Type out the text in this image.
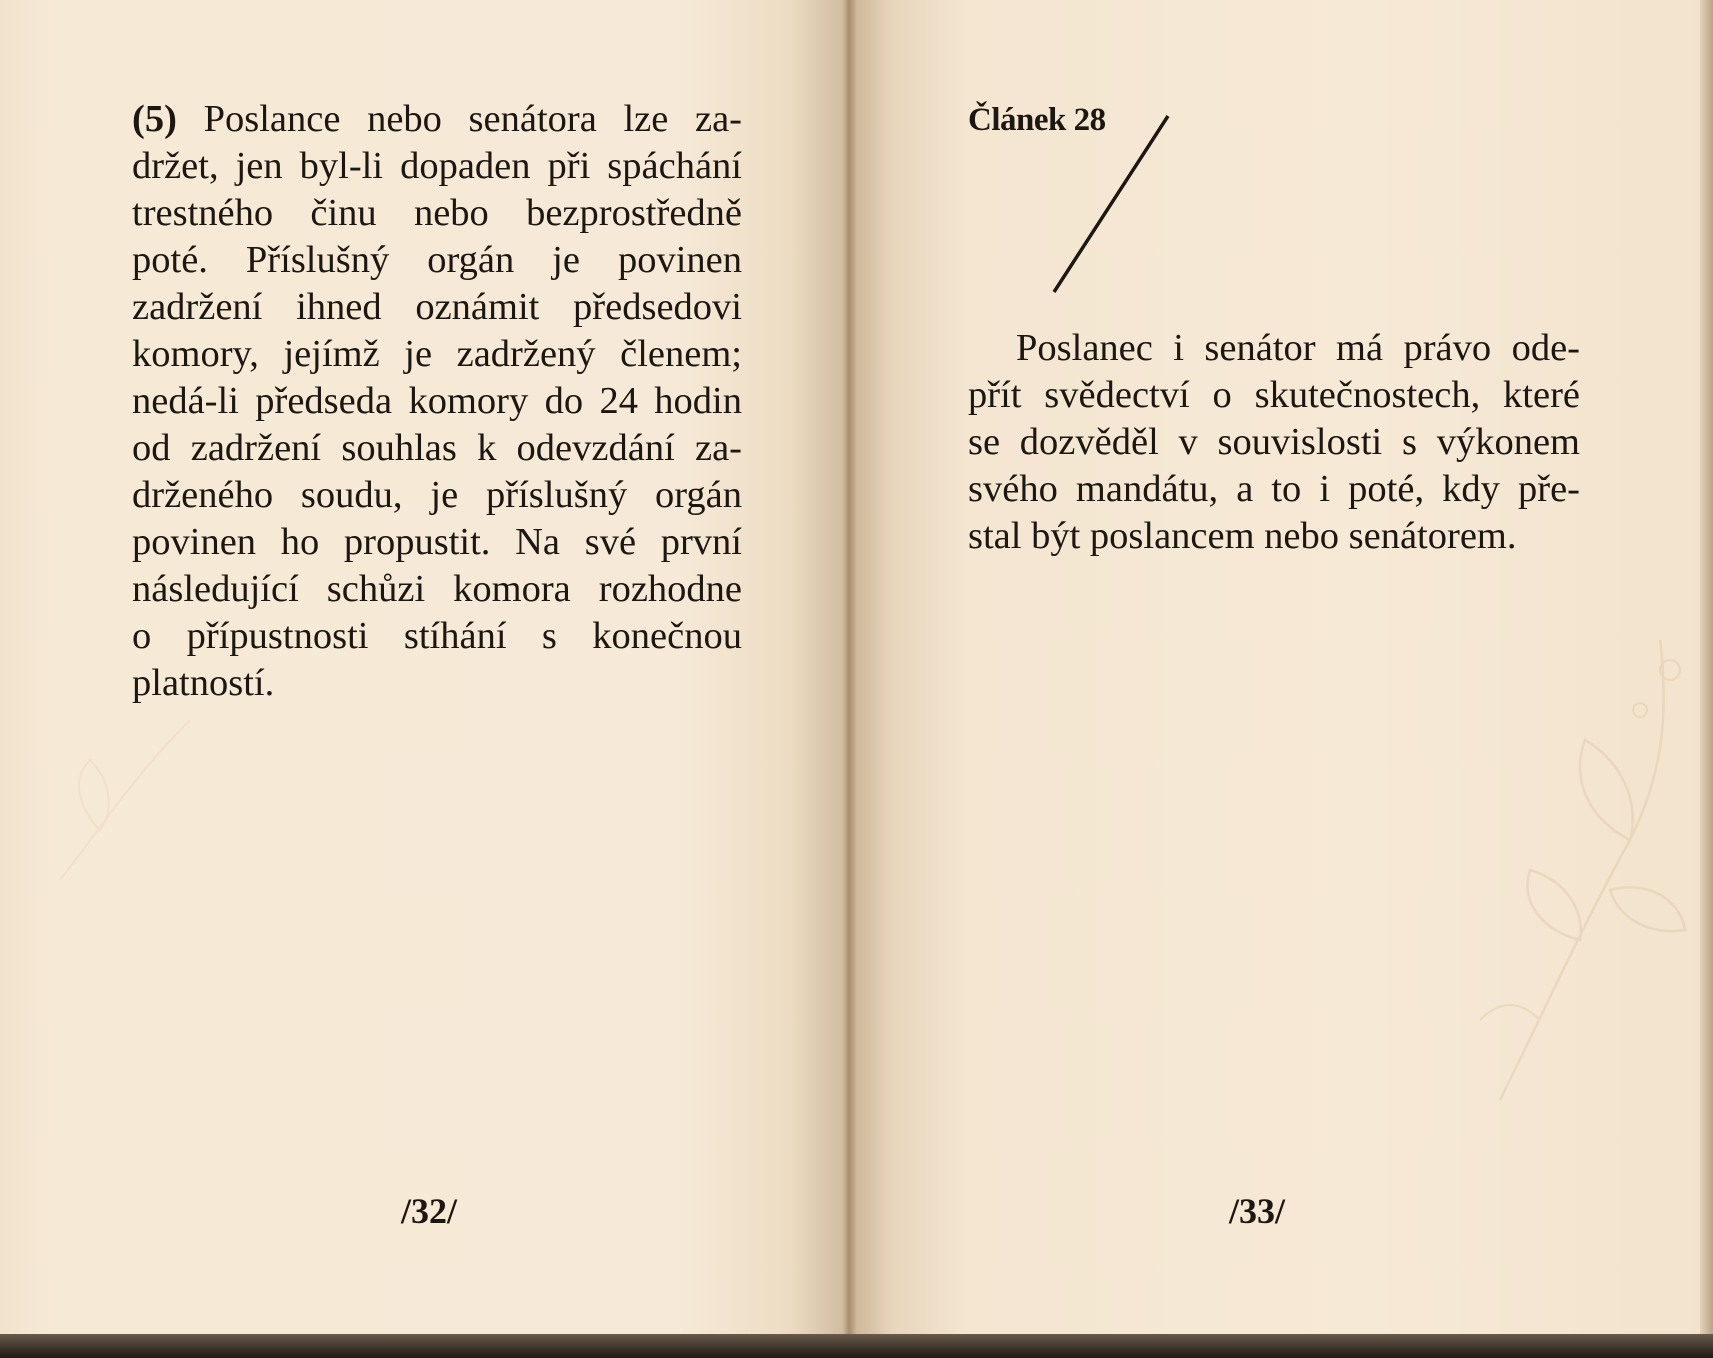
(5) Poslance nebo senátora lze za-
držet, jen byl-li dopaden při spáchání
trestného činu nebo bezprostředně
poté. Příslušný orgán je povinen
zadržení ihned oznámit předsedovi
komory, jejímž je zadržený členem;
nedá-li předseda komory do 24 hodin
od zadržení souhlas k odevzdání za-
drženého soudu, je příslušný orgán
povinen ho propustit. Na své první
následující schůzi komora rozhodne
o přípustnosti stíhání s konečnou
platností.
/32/
Článek 28
Poslanec i senátor má právo ode-
přít svědectví o skutečnostech, které
se dozvěděl v souvislosti s výkonem
svého mandátu, a to i poté, kdy pře-
stal být poslancem nebo senátorem.
/33/
